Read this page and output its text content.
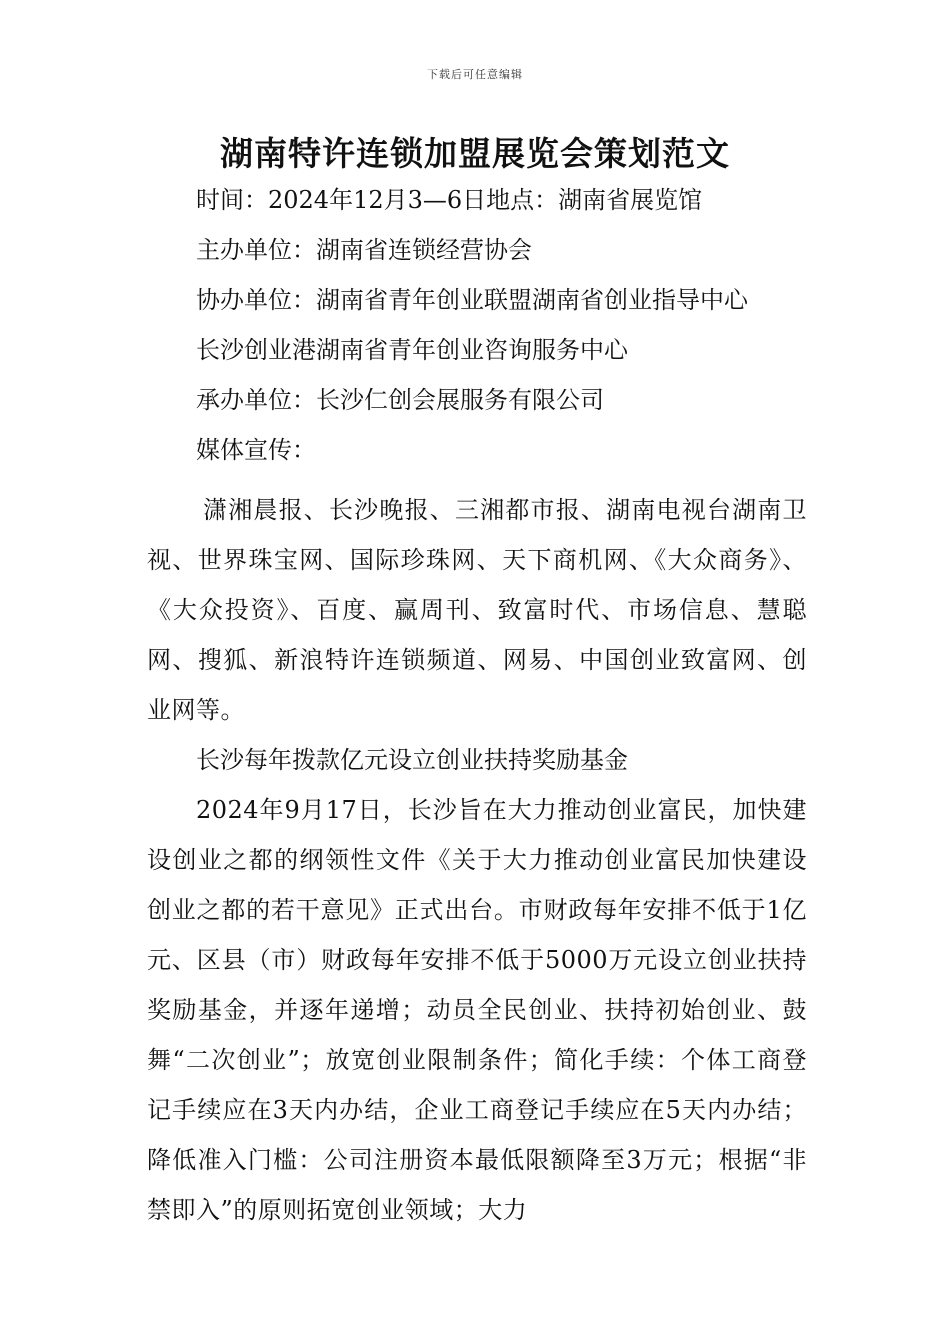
下载后可任意编辑
湖南特许连锁加盟展览会策划范文

时间：2024年12月3—6日地点：湖南省展览馆

主办单位：湖南省连锁经营协会

协办单位：湖南省青年创业联盟湖南省创业指导中心

长沙创业港湖南省青年创业咨询服务中心

承办单位：长沙仁创会展服务有限公司

媒体宣传：

潇湘晨报、长沙晚报、三湘都市报、湖南电视台湖南卫视、世界珠宝网、国际珍珠网、天下商机网、《大众商务》、《大众投资》、百度、赢周刊、致富时代、市场信息、慧聪网、搜狐、新浪特许连锁频道、网易、中国创业致富网、创业网等。

长沙每年拨款亿元设立创业扶持奖励基金

2024年9月17日，长沙旨在大力推动创业富民，加快建设创业之都的纲领性文件《关于大力推动创业富民加快建设创业之都的若干意见》正式出台。市财政每年安排不低于1亿元、区县（市）财政每年安排不低于5000万元设立创业扶持奖励基金，并逐年递增；动员全民创业、扶持初始创业、鼓舞“二次创业”；放宽创业限制条件；简化手续：个体工商登记手续应在3天内办结，企业工商登记手续应在5天内办结；降低准入门槛：公司注册资本最低限额降至3万元；根据“非禁即入”的原则拓宽创业领域；大力
